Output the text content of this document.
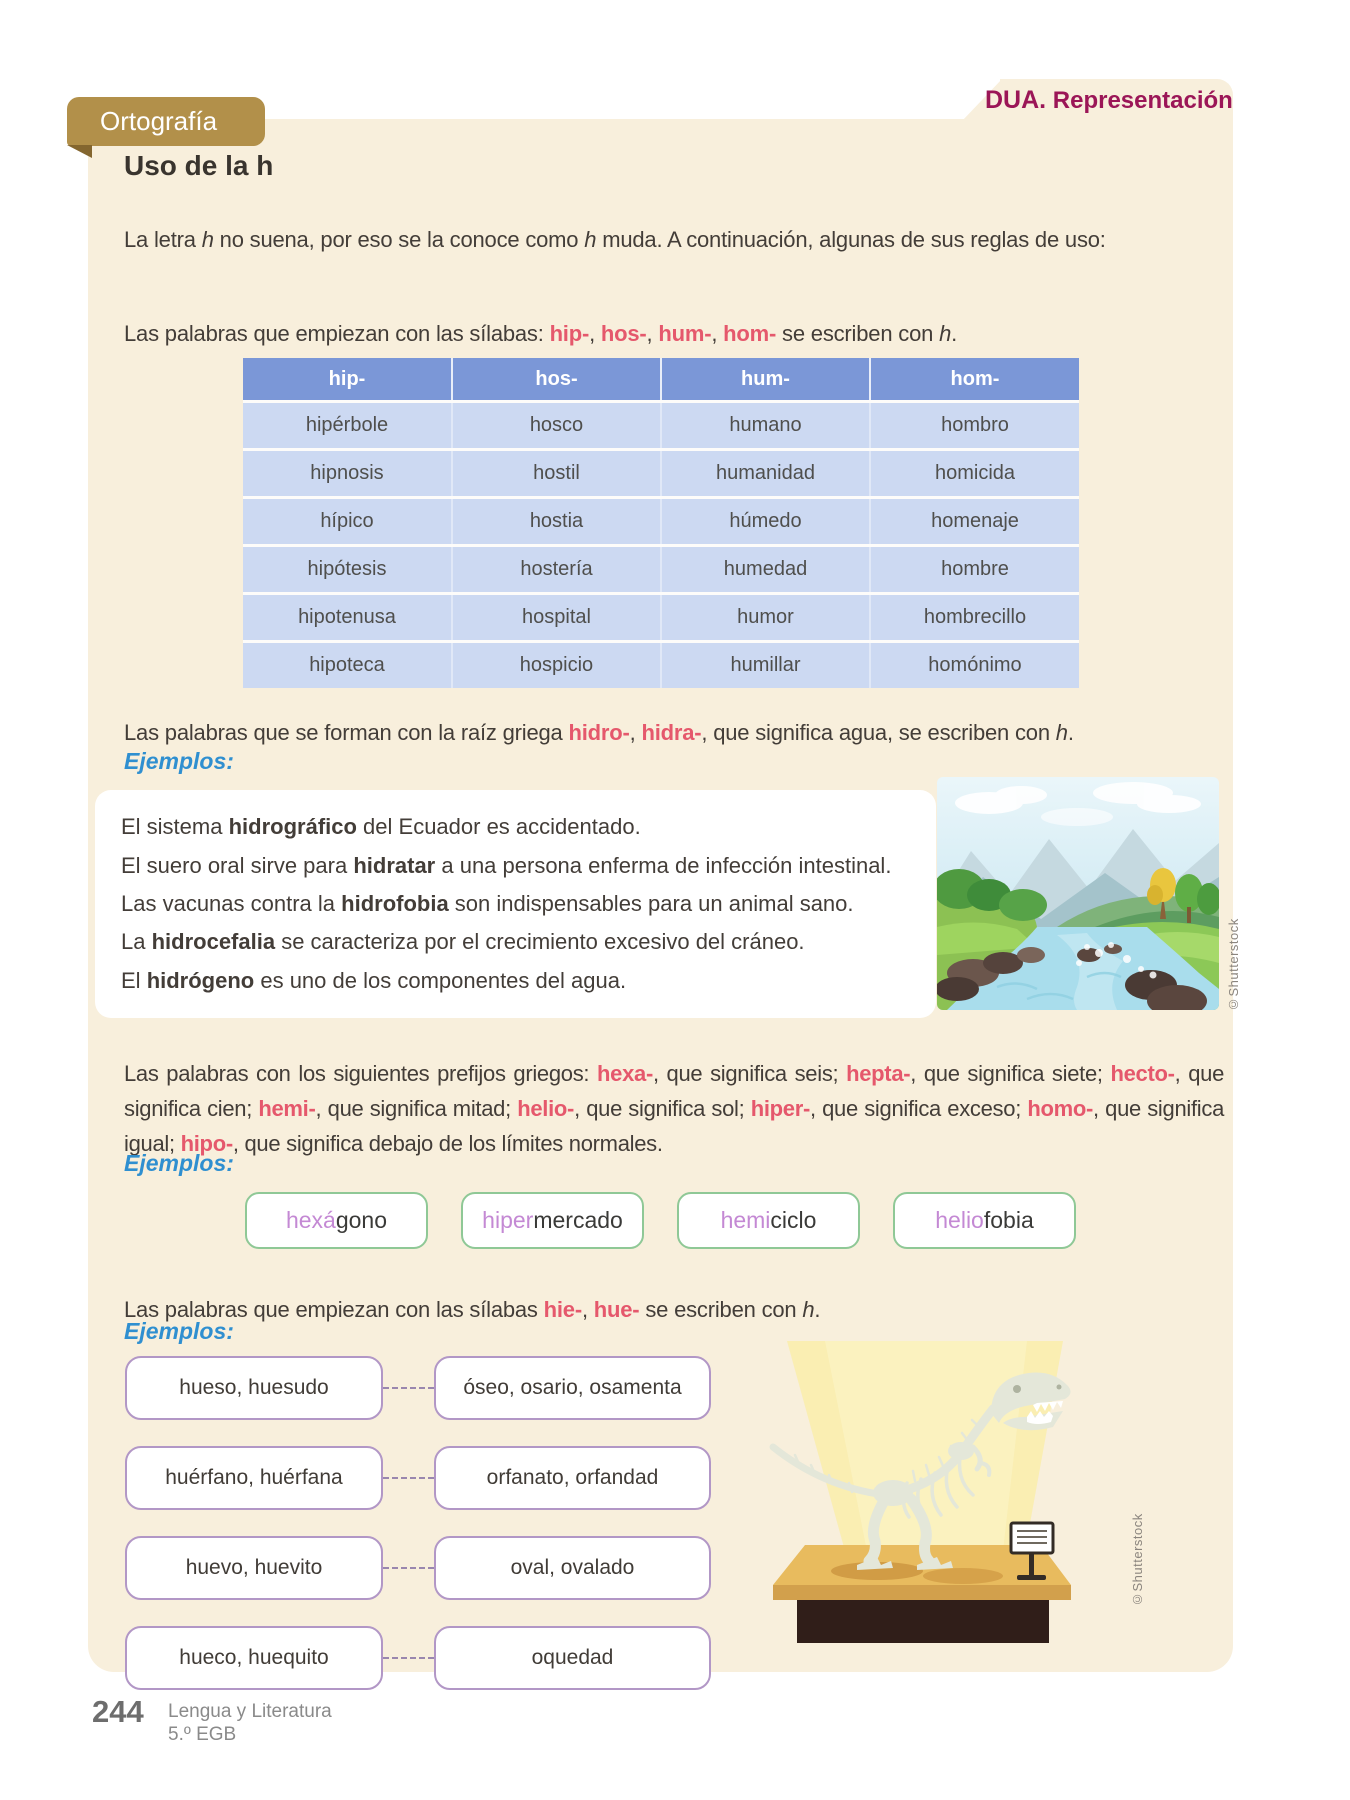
DUA. Representación
Ortografía
Uso de la h

La letra h no suena, por eso se la conoce como h muda. A continuación, algunas de sus reglas de uso:

Las palabras que empiezan con las sílabas: hip-, hos-, hum-, hom- se escriben con h.

hip-	hos-	hum-	hom-
hipérbole	hosco	humano	hombro
hipnosis	hostil	humanidad	homicida
hípico	hostia	húmedo	homenaje
hipótesis	hostería	humedad	hombre
hipotenusa	hospital	humor	hombrecillo
hipoteca	hospicio	humillar	homónimo

Las palabras que se forman con la raíz griega hidro-, hidra-, que significa agua, se escriben con h.

Ejemplos:

El sistema hidrográfico del Ecuador es accidentado.

El suero oral sirve para hidratar a una persona enferma de infección intestinal.

Las vacunas contra la hidrofobia son indispensables para un animal sano.

La hidrocefalia se caracteriza por el crecimiento excesivo del cráneo.

El hidrógeno es uno de los componentes del agua.	©Shutterstock

Las palabras con los siguientes prefijos griegos: hexa-, que significa seis; hepta-, que significa siete; hecto-, que significa cien; hemi-, que significa mitad; helio-, que significa sol; hiper-, que significa exceso; homo-, que significa igual; hipo-, que significa debajo de los límites normales.

Ejemplos:
hexá gono	hiper mercado	hemi ciclo	helio fobia

Las palabras que empiezan con las sílabas hie-, hue- se escriben con h.

Ejemplos:
hueso, huesudo	óseo, osario, osamenta
huérfano, huérfana	orfanato, orfandad
huevo, huevito	oval, ovalado
hueco, huequito	oquedad
©Shutterstock
244 Lengua y Literatura
5.º EGB
